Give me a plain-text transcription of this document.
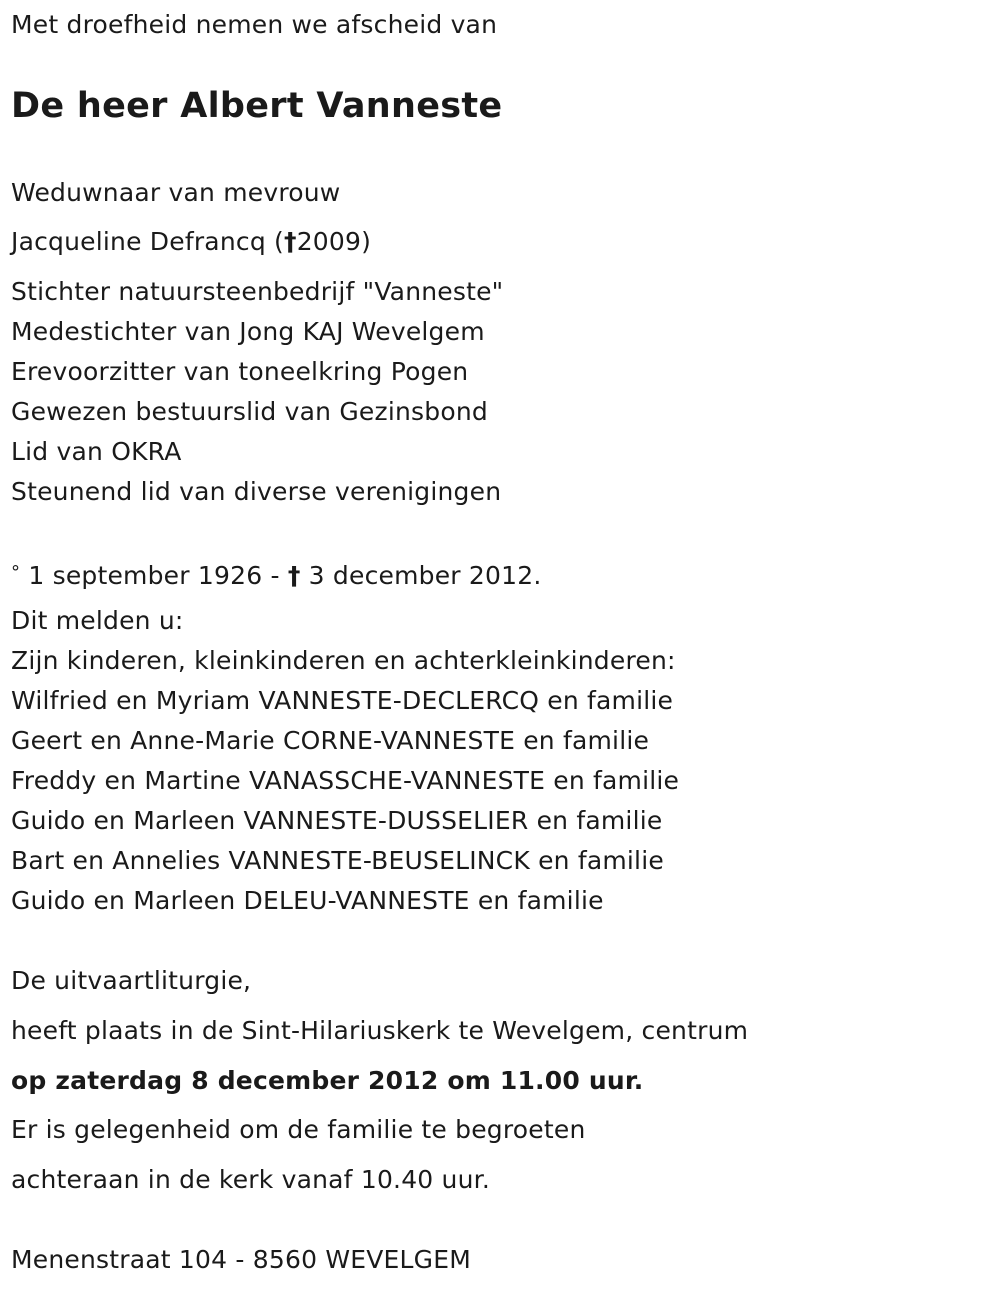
Met droefheid nemen we afscheid van
De heer Albert Vanneste
Weduwnaar van mevrouw
Jacqueline Defrancq (†2009)
Stichter natuursteenbedrijf "Vanneste"
Medestichter van Jong KAJ Wevelgem
Erevoorzitter van toneelkring Pogen
Gewezen bestuurslid van Gezinsbond
Lid van OKRA
Steunend lid van diverse verenigingen
° 1 september 1926 - † 3 december 2012.
Dit melden u:
Zijn kinderen, kleinkinderen en achterkleinkinderen:
Wilfried en Myriam VANNESTE-DECLERCQ en familie
Geert en Anne-Marie CORNE-VANNESTE en familie
Freddy en Martine VANASSCHE-VANNESTE en familie
Guido en Marleen VANNESTE-DUSSELIER en familie
Bart en Annelies VANNESTE-BEUSELINCK en familie
Guido en Marleen DELEU-VANNESTE en familie
De uitvaartliturgie,
heeft plaats in de Sint-Hilariuskerk te Wevelgem, centrum
op zaterdag 8 december 2012 om 11.00 uur.
Er is gelegenheid om de familie te begroeten
achteraan in de kerk vanaf 10.40 uur.
Menenstraat 104 - 8560 WEVELGEM
